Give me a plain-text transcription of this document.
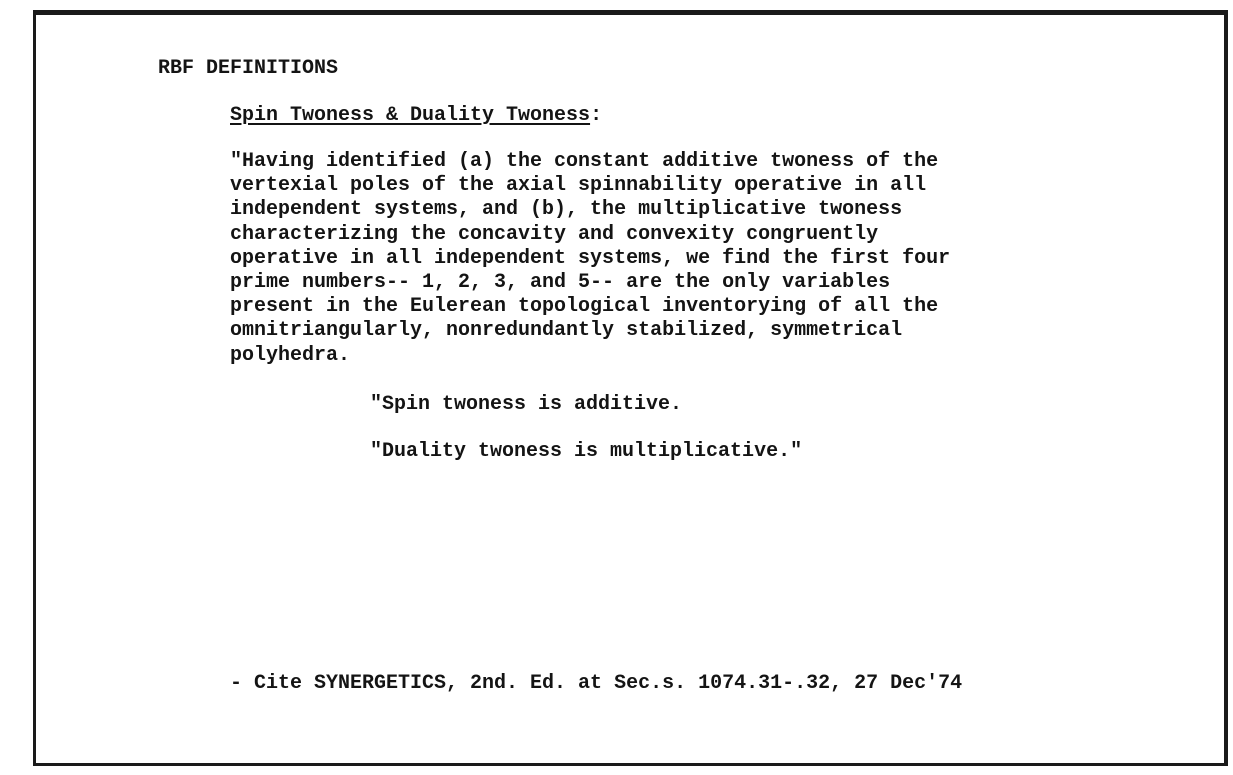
RBF DEFINITIONS
Spin Twoness & Duality Twoness:
"Having identified (a) the constant additive twoness of the
vertexial poles of the axial spinnability operative in all
independent systems, and (b), the multiplicative twoness
characterizing the concavity and convexity congruently
operative in all independent systems, we find the first four
prime numbers-- 1, 2, 3, and 5-- are the only variables
present in the Eulerean topological inventorying of all the
omnitriangularly, nonredundantly stabilized, symmetrical
polyhedra.
"Spin twoness is additive.
"Duality twoness is multiplicative."
- Cite SYNERGETICS, 2nd. Ed. at Sec.s. 1074.31-.32, 27 Dec'74
